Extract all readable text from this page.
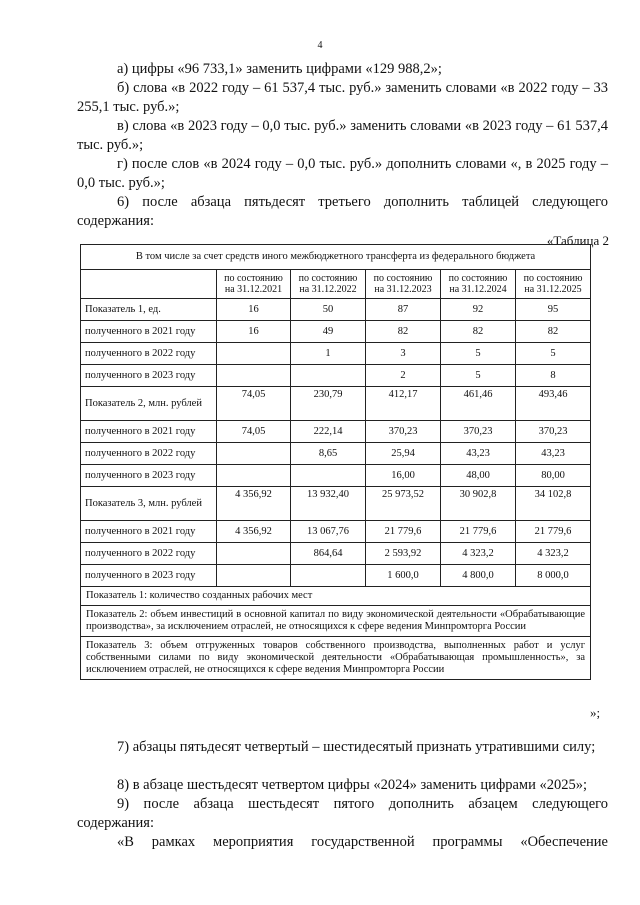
4
а) цифры «96 733,1» заменить цифрами «129 988,2»;
б) слова «в 2022 году – 61 537,4 тыс. руб.» заменить словами «в 2022 году – 33 255,1 тыс. руб.»;
в) слова «в 2023 году – 0,0 тыс. руб.» заменить словами «в 2023 году – 61 537,4 тыс. руб.»;
г) после слов «в 2024 году – 0,0 тыс. руб.» дополнить словами «, в 2025 году – 0,0 тыс. руб.»;
6) после абзаца пятьдесят третьего дополнить таблицей следующего содержания:
«Таблица 2
В том числе за счет средств иного межбюджетного трансферта из федерального бюджета					
	по состоянию на 31.12.2021	по состоянию на 31.12.2022	по состоянию на 31.12.2023	по состоянию на 31.12.2024	по состоянию на 31.12.2025
Показатель 1, ед.	16	50	87	92	95
полученного в 2021 году	16	49	82	82	82
полученного в 2022 году		1	3	5	5
полученного в 2023 году			2	5	8
Показатель 2, млн. рублей	74,05	230,79	412,17	461,46	493,46
полученного в 2021 году	74,05	222,14	370,23	370,23	370,23
полученного в 2022 году		8,65	25,94	43,23	43,23
полученного в 2023 году			16,00	48,00	80,00
Показатель 3, млн. рублей	4 356,92	13 932,40	25 973,52	30 902,8	34 102,8
полученного в 2021 году	4 356,92	13 067,76	21 779,6	21 779,6	21 779,6
полученного в 2022 году		864,64	2 593,92	4 323,2	4 323,2
полученного в 2023 году			1 600,0	4 800,0	8 000,0
Показатель 1: количество созданных рабочих мест					
Показатель 2: объем инвестиций в основной капитал по виду экономической деятельности «Обрабатывающие производства», за исключением отраслей, не относящихся к сфере ведения Минпромторга России					
Показатель 3: объем отгруженных товаров собственного производства, выполненных работ и услуг собственными силами по виду экономической деятельности «Обрабатывающая промышленность», за исключением отраслей, не относящихся к сфере ведения Минпромторга России					
»;
7) абзацы пятьдесят четвертый – шестидесятый признать утратившими силу;
8) в абзаце шестьдесят четвертом цифры «2024» заменить цифрами «2025»;
9) после абзаца шестьдесят пятого дополнить абзацем следующего содержания:
«В рамках мероприятия государственной программы «Обеспечение
